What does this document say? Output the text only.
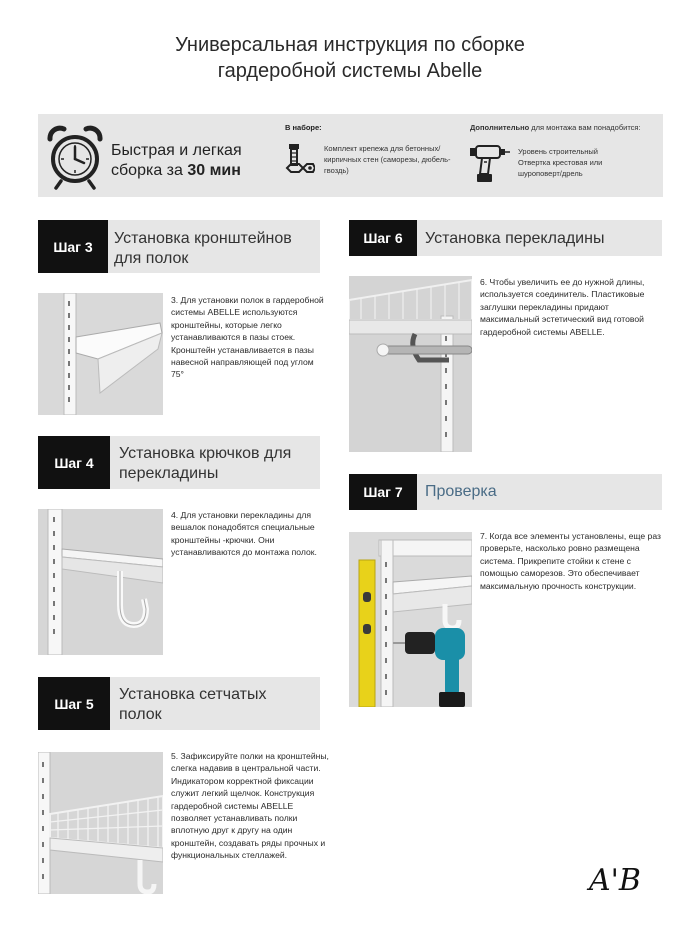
Универсальная инструкция по сборке
гардеробной системы Abelle
Быстрая и легкая
сборка за 30 мин
В наборе:
Комплект крепежа для бетонных/кирпичных стен (саморезы, дюбель-гвоздь)
Дополнительно для монтажа вам понадобится:
Уровень строительный
Отвертка крестовая или
шуроповерт/дрель
Шаг 3	Установка кронштейнов для полок
3. Для установки полок в гардеробной системы ABELLE используются кронштейны, которые легко устанавливаются в пазы стоек. Кронштейн устанавливается в пазы навесной направляющей под углом 75°
Шаг 4
Установка крючков для перекладины
4. Для установки перекладины для вешалок понадобятся специальные кронштейны -крючки. Они устанавливаются до монтажа полок.
Шаг 5
Установка сетчатых полок
5. Зафиксируйте полки на кронштейны, слегка надавив в центральной части. Индикатором корректной фиксации служит легкий щелчок. Конструкция гардеробной системы ABELLE позволяет устанавливать полки вплотную друг к другу на один кронштейн, создавать ряды прочных и функциональных стеллажей.
Шаг 6	Установка перекладины
6. Чтобы увеличить ее до нужной длины, используется соединитель. Пластиковые заглушки перекладины придают максимальный эстетический вид готовой гардеробной системы ABELLE.
Шаг 7	Проверка
7. Когда все элементы установлены, еще раз проверьте, насколько ровно размещена система. Прикрепите стойки к стене с помощью саморезов. Это обеспечивает максимальную прочность конструкции.
A'B
